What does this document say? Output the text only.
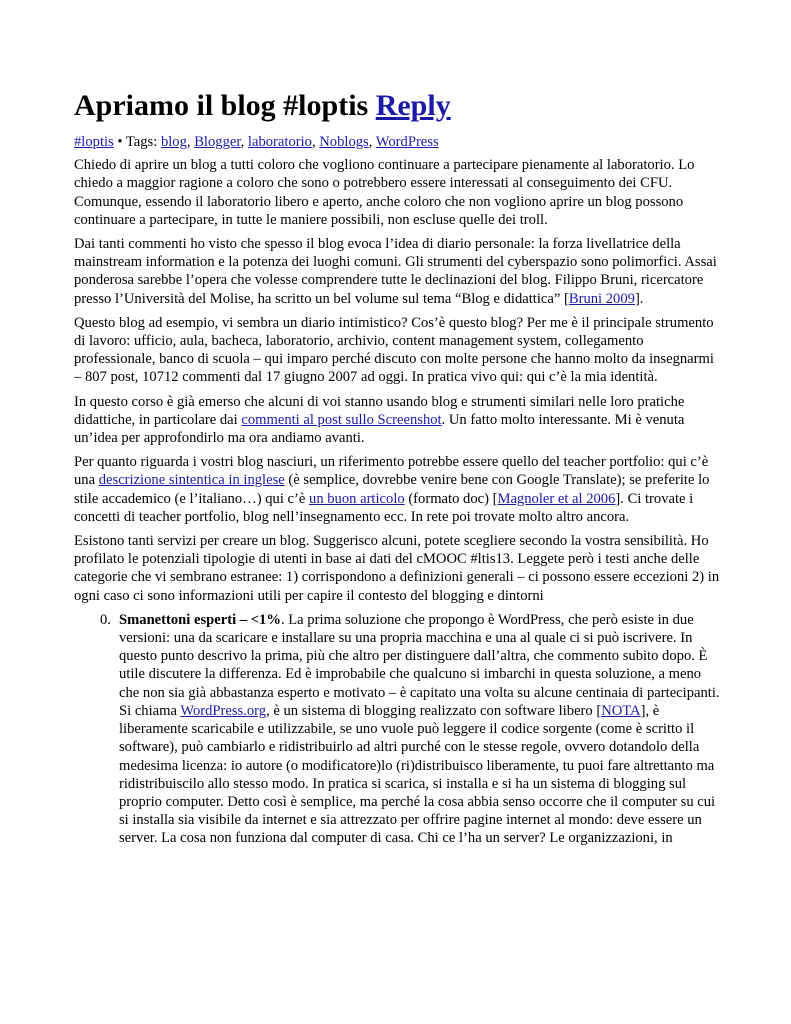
Apriamo il blog #loptis Reply
#loptis • Tags: blog, Blogger, laboratorio, Noblogs, WordPress

Chiedo di aprire un blog a tutti coloro che vogliono continuare a partecipare pienamente al laboratorio. Lo chiedo a maggior ragione a coloro che sono o potrebbero essere interessati al conseguimento dei CFU. Comunque, essendo il laboratorio libero e aperto, anche coloro che non vogliono aprire un blog possono continuare a partecipare, in tutte le maniere possibili, non escluse quelle dei troll.

Dai tanti commenti ho visto che spesso il blog evoca l’idea di diario personale: la forza livellatrice della mainstream information e la potenza dei luoghi comuni. Gli strumenti del cyberspazio sono polimorfici. Assai ponderosa sarebbe l’opera che volesse comprendere tutte le declinazioni del blog. Filippo Bruni, ricercatore presso l’Università del Molise, ha scritto un bel volume sul tema “Blog e didattica” [Bruni 2009].

Questo blog ad esempio, vi sembra un diario intimistico? Cos’è questo blog? Per me è il principale strumento di lavoro: ufficio, aula, bacheca, laboratorio, archivio, content management system, collegamento professionale, banco di scuola – qui imparo perché discuto con molte persone che hanno molto da insegnarmi – 807 post, 10712 commenti dal 17 giugno 2007 ad oggi. In pratica vivo qui: qui c’è la mia identità.

In questo corso è già emerso che alcuni di voi stanno usando blog e strumenti similari nelle loro pratiche didattiche, in particolare dai commenti al post sullo Screenshot. Un fatto molto interessante. Mi è venuta un’idea per approfondirlo ma ora andiamo avanti.

Per quanto riguarda i vostri blog nasciuri, un riferimento potrebbe essere quello del teacher portfolio: qui c’è una descrizione sintentica in inglese (è semplice, dovrebbe venire bene con Google Translate); se preferite lo stile accademico (e l’italiano…) qui c’è un buon articolo (formato doc) [Magnoler et al 2006]. Ci trovate i concetti di teacher portfolio, blog nell’insegnamento ecc. In rete poi trovate molto altro ancora.

Esistono tanti servizi per creare un blog. Suggerisco alcuni, potete scegliere secondo la vostra sensibilità. Ho profilato le potenziali tipologie di utenti in base ai dati del cMOOC #ltis13. Leggete però i testi anche delle categorie che vi sembrano estranee: 1) corrispondono a definizioni generali – ci possono essere eccezioni 2) in ogni caso ci sono informazioni utili per capire il contesto del blogging e dintorni

0. Smanettoni esperti – <1%. La prima soluzione che propongo è WordPress, che però esiste in due versioni: una da scaricare e installare su una propria macchina e una al quale ci si può iscrivere. In questo punto descrivo la prima, più che altro per distinguere dall’altra, che commento subito dopo. È utile discutere la differenza. Ed è improbabile che qualcuno si imbarchi in questa soluzione, a meno che non sia già abbastanza esperto e motivato – è capitato una volta su alcune centinaia di partecipanti. Si chiama WordPress.org, è un sistema di blogging realizzato con software libero [NOTA], è liberamente scaricabile e utilizzabile, se uno vuole può leggere il codice sorgente (come è scritto il software), può cambiarlo e ridistribuirlo ad altri purché con le stesse regole, ovvero dotandolo della medesima licenza: io autore (o modificatore)lo (ri)distribuisco liberamente, tu puoi fare altrettanto ma ridistribuiscilo allo stesso modo. In pratica si scarica, si installa e si ha un sistema di blogging sul proprio computer. Detto così è semplice, ma perché la cosa abbia senso occorre che il computer su cui si installa sia visibile da internet e sia attrezzato per offrire pagine internet al mondo: deve essere un server. La cosa non funziona dal computer di casa. Chi ce l’ha un server? Le organizzazioni, in
